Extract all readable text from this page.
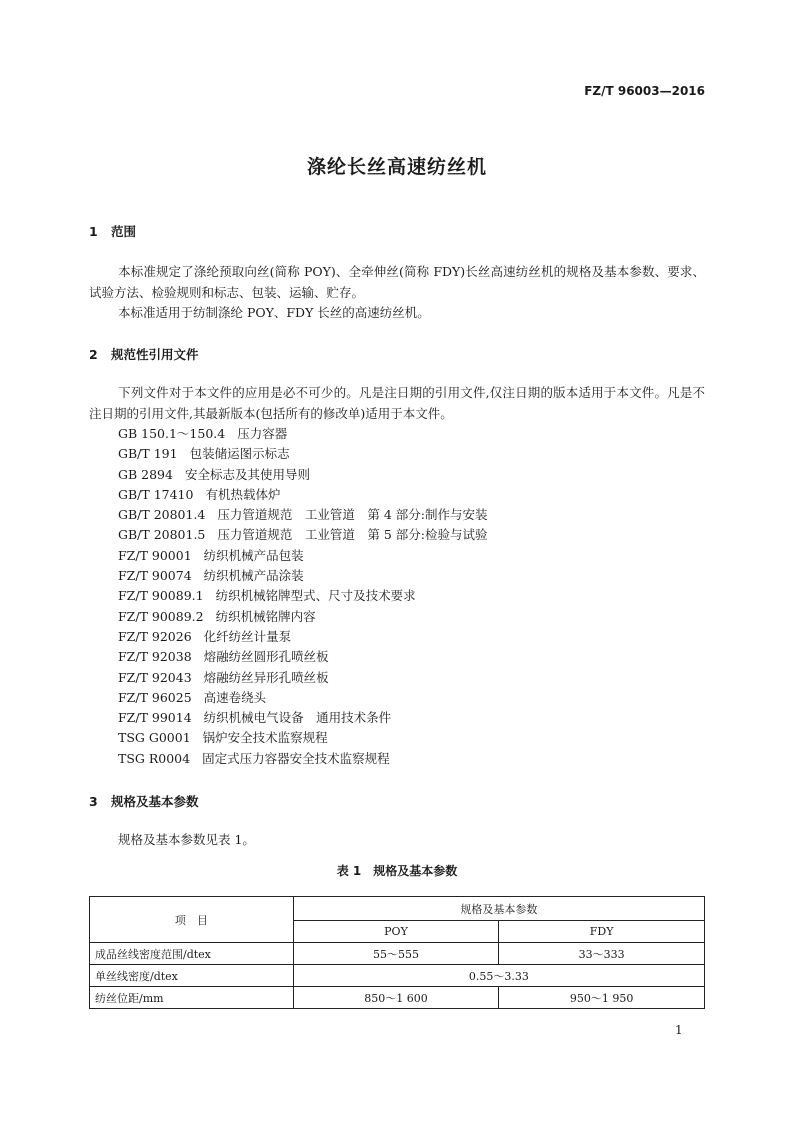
FZ/T 96003—2016
涤纶长丝高速纺丝机
1 范围
本标准规定了涤纶预取向丝(简称 POY)、全牵伸丝(简称 FDY)长丝高速纺丝机的规格及基本参数、要求、试验方法、检验规则和标志、包装、运输、贮存。
本标准适用于纺制涤纶 POY、FDY 长丝的高速纺丝机。
2 规范性引用文件
下列文件对于本文件的应用是必不可少的。凡是注日期的引用文件,仅注日期的版本适用于本文件。凡是不注日期的引用文件,其最新版本(包括所有的修改单)适用于本文件。
GB 150.1～150.4 压力容器
GB/T 191 包装储运图示标志
GB 2894 安全标志及其使用导则
GB/T 17410 有机热载体炉
GB/T 20801.4 压力管道规范　工业管道　第 4 部分:制作与安装
GB/T 20801.5 压力管道规范　工业管道　第 5 部分:检验与试验
FZ/T 90001 纺织机械产品包装
FZ/T 90074 纺织机械产品涂装
FZ/T 90089.1 纺织机械铭牌型式、尺寸及技术要求
FZ/T 90089.2 纺织机械铭牌内容
FZ/T 92026 化纤纺丝计量泵
FZ/T 92038 熔融纺丝圆形孔喷丝板
FZ/T 92043 熔融纺丝异形孔喷丝板
FZ/T 96025 高速卷绕头
FZ/T 99014 纺织机械电气设备　通用技术条件
TSG G0001 锅炉安全技术监察规程
TSG R0004 固定式压力容器安全技术监察规程
3 规格及基本参数
规格及基本参数见表 1。
表 1　规格及基本参数
项　目	规格及基本参数	
	POY	FDY
成品丝线密度范围/dtex	55～555	33～333
单丝线密度/dtex	0.55～3.33	
纺丝位距/mm	850～1 600	950～1 950
1
